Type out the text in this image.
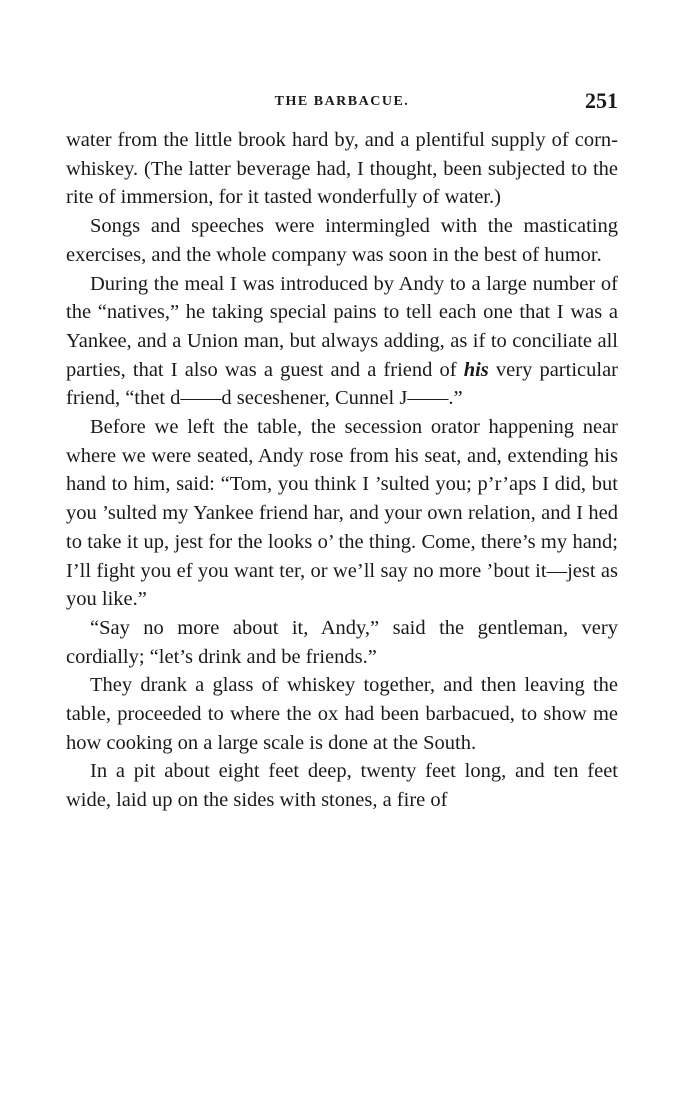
THE BARBACUE.	251

water from the little brook hard by, and a plentiful supply of corn-whiskey. (The latter beverage had, I thought, been subjected to the rite of immersion, for it tasted wonderfully of water.)

Songs and speeches were intermingled with the masticating exercises, and the whole company was soon in the best of humor.

During the meal I was introduced by Andy to a large number of the “natives,” he taking special pains to tell each one that I was a Yankee, and a Union man, but always adding, as if to conciliate all parties, that I also was a guest and a friend of his very particular friend, “thet d——d seceshener, Cunnel J——.”

Before we left the table, the secession orator happening near where we were seated, Andy rose from his seat, and, extending his hand to him, said: “Tom, you think I ’sulted you; p’r’aps I did, but you ’sulted my Yankee friend har, and your own relation, and I hed to take it up, jest for the looks o’ the thing. Come, there’s my hand; I’ll fight you ef you want ter, or we’ll say no more ’bout it—jest as you like.”

“Say no more about it, Andy,” said the gentleman, very cordially; “let’s drink and be friends.”

They drank a glass of whiskey together, and then leaving the table, proceeded to where the ox had been barbacued, to show me how cooking on a large scale is done at the South.

In a pit about eight feet deep, twenty feet long, and ten feet wide, laid up on the sides with stones, a fire of
